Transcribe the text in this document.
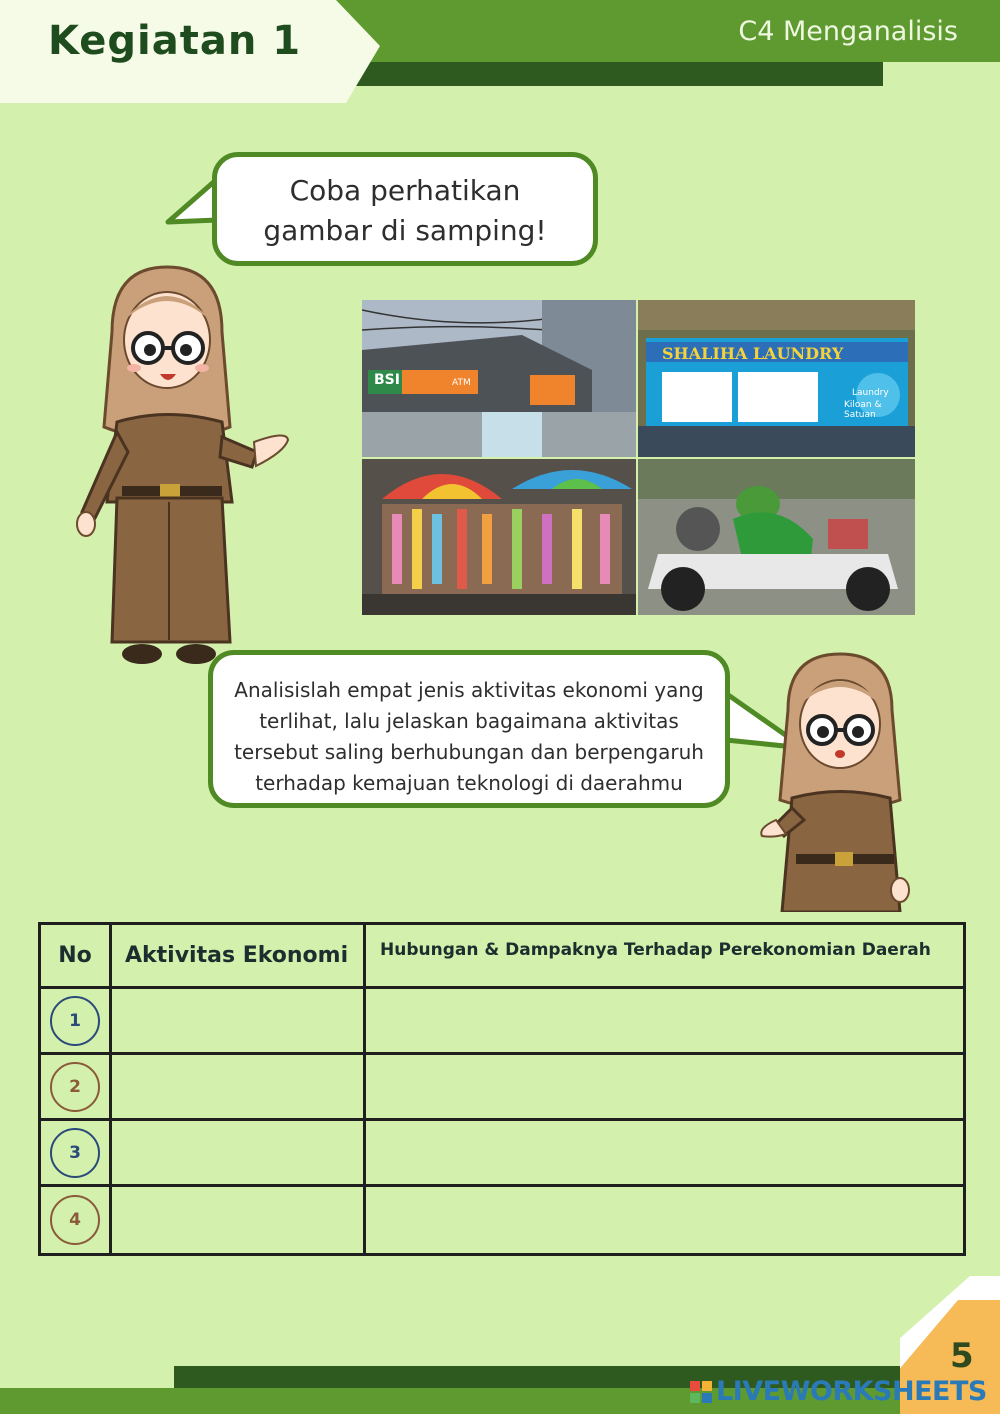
Kegiatan 1	C4 Menganalisis
Coba perhatikan
gambar di samping!
BSI	ATM
SHALIHA LAUNDRY
Laundry
Kiloan & Satuan
Analisislah empat jenis aktivitas ekonomi yang
terlihat, lalu jelaskan bagaimana aktivitas
tersebut saling berhubungan dan berpengaruh
terhadap kemajuan teknologi di daerahmu
No	Aktivitas Ekonomi	Hubungan & Dampaknya Terhadap Perekonomian Daerah
1
2
3
4
5
LIVEWORKSHEETS
